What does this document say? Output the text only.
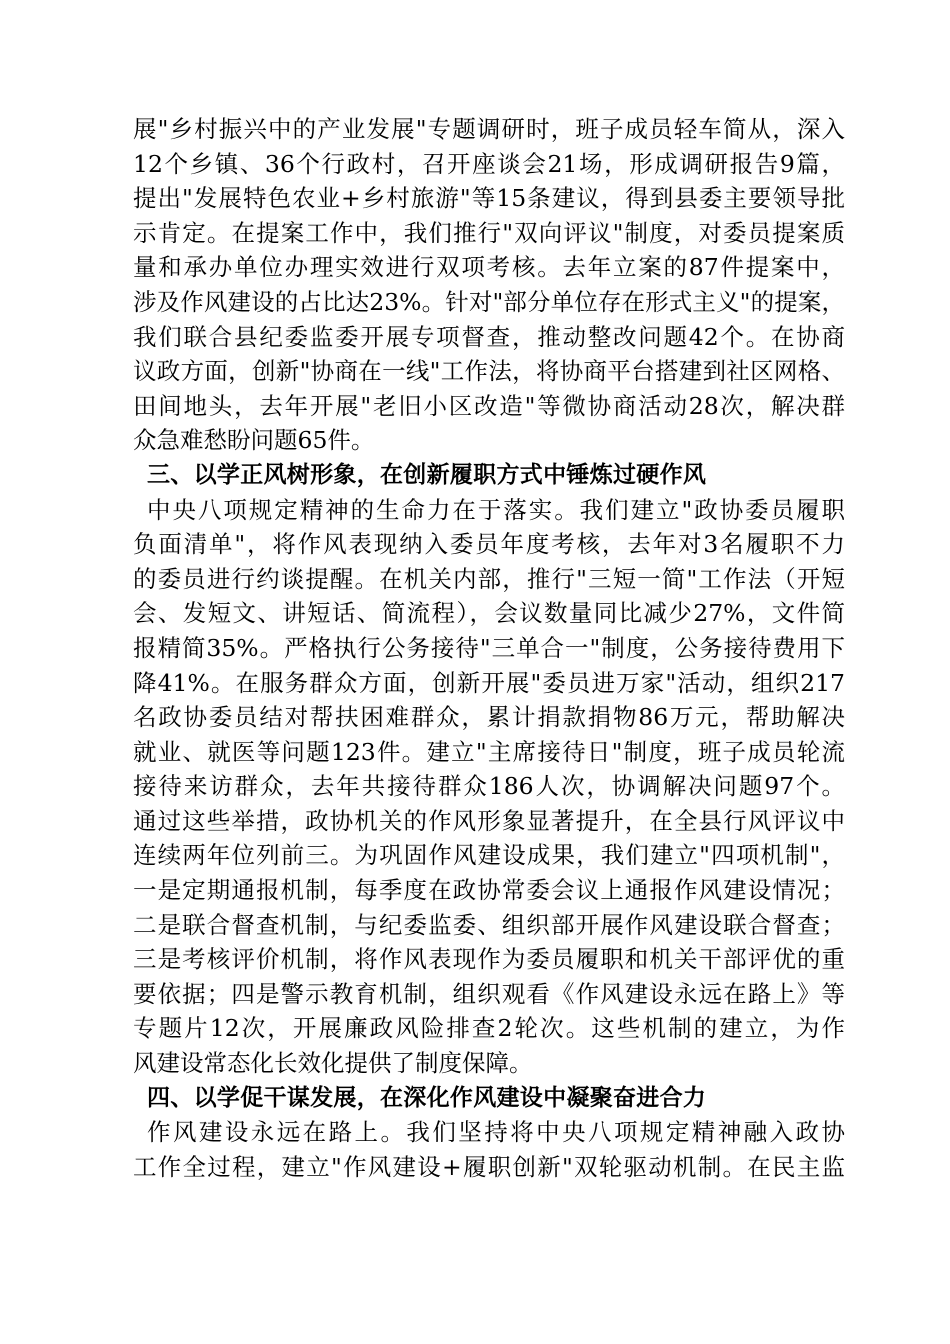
展"乡村振兴中的产业发展"专题调研时，班子成员轻车简从，深入
12个乡镇、36个行政村，召开座谈会21场，形成调研报告9篇，
提出"发展特色农业+乡村旅游"等15条建议，得到县委主要领导批
示肯定。在提案工作中，我们推行"双向评议"制度，对委员提案质
量和承办单位办理实效进行双项考核。去年立案的87件提案中，
涉及作风建设的占比达23%。针对"部分单位存在形式主义"的提案，
我们联合县纪委监委开展专项督查，推动整改问题42个。在协商
议政方面，创新"协商在一线"工作法，将协商平台搭建到社区网格、
田间地头，去年开展"老旧小区改造"等微协商活动28次，解决群
众急难愁盼问题65件。
三、以学正风树形象，在创新履职方式中锤炼过硬作风
中央八项规定精神的生命力在于落实。我们建立"政协委员履职
负面清单"，将作风表现纳入委员年度考核，去年对3名履职不力
的委员进行约谈提醒。在机关内部，推行"三短一简"工作法（开短
会、发短文、讲短话、简流程），会议数量同比减少27%，文件简
报精简35%。严格执行公务接待"三单合一"制度，公务接待费用下
降41%。在服务群众方面，创新开展"委员进万家"活动，组织217
名政协委员结对帮扶困难群众，累计捐款捐物86万元，帮助解决
就业、就医等问题123件。建立"主席接待日"制度，班子成员轮流
接待来访群众，去年共接待群众186人次，协调解决问题97个。
通过这些举措，政协机关的作风形象显著提升，在全县行风评议中
连续两年位列前三。为巩固作风建设成果，我们建立"四项机制"，
一是定期通报机制，每季度在政协常委会议上通报作风建设情况；
二是联合督查机制，与纪委监委、组织部开展作风建设联合督查；
三是考核评价机制，将作风表现作为委员履职和机关干部评优的重
要依据；四是警示教育机制，组织观看《作风建设永远在路上》等
专题片12次，开展廉政风险排查2轮次。这些机制的建立，为作
风建设常态化长效化提供了制度保障。
四、以学促干谋发展，在深化作风建设中凝聚奋进合力
作风建设永远在路上。我们坚持将中央八项规定精神融入政协
工作全过程，建立"作风建设+履职创新"双轮驱动机制。在民主监
